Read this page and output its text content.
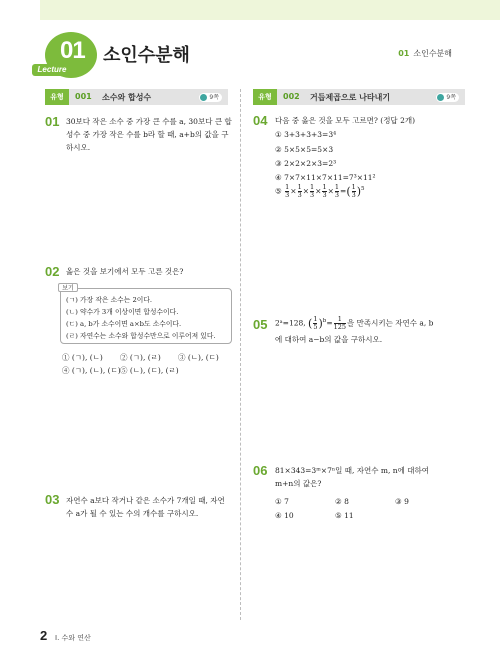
01
Lecture
소인수분해	01 소인수분해
유형	001 소수와 합성수	9쪽	유형	002 거듭제곱으로 나타내기	9쪽
01 30보다 작은 소수 중 가장 큰 수를 a, 30보다 큰 합
성수 중 가장 작은 수를 b라 할 때, a+b의 값을 구
하시오.
02 옳은 것을 보기에서 모두 고른 것은?
보기
(ㄱ) 가장 작은 소수는 2이다.
(ㄴ) 약수가 3개 이상이면 합성수이다.
(ㄷ) a, b가 소수이면 a×b도 소수이다.
(ㄹ) 자연수는 소수와 합성수만으로 이루어져 있다.
① (ㄱ), (ㄴ) ② (ㄱ), (ㄹ) ③ (ㄴ), (ㄷ)
④ (ㄱ), (ㄴ), (ㄷ) ⑤ (ㄴ), (ㄷ), (ㄹ)
03 자연수 a보다 작거나 같은 소수가 7개일 때, 자연
수 a가 될 수 있는 수의 개수를 구하시오.
04 다음 중 옳은 것을 모두 고르면? (정답 2개)
① 3+3+3+3=3⁴
② 5×5×5=5×3
③ 2×2×2×3=2³
④ 7×7×11×7×11=7³×11²
⑤ $\frac{1}{3} \times \frac{1}{3} \times \frac{1}{3} \times \frac{1}{3} \times \frac{1}{3}$ =( $\frac{1}{3} )^5$
05 2ᵃ=128, ( $\frac{1}{5} )^b= \frac{1}{125}$ 을 만족시키는 자연수 a, b
에 대하여 a−b의 값을 구하시오.
06 81×343=3ᵐ×7ⁿ일 때, 자연수 m, n에 대하여
m+n의 값은?
① 7	② 8	③ 9
④ 10	⑤ 11
2 Ⅰ. 수와 연산
